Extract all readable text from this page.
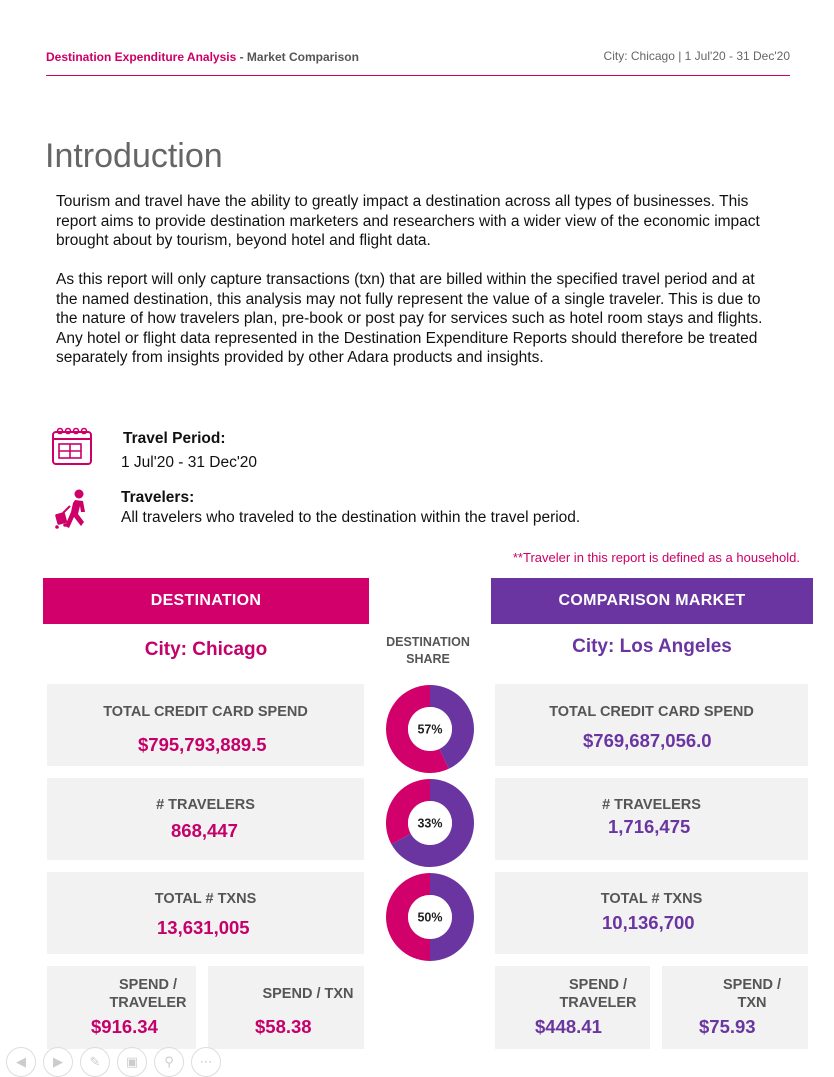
Destination Expenditure Analysis - Market Comparison	City: Chicago | 1 Jul'20 - 31 Dec'20
Introduction

Tourism and travel have the ability to greatly impact a destination across all types of businesses. This report aims to provide destination marketers and researchers with a wider view of the economic impact brought about by tourism, beyond hotel and flight data.

As this report will only capture transactions (txn) that are billed within the specified travel period and at the named destination, this analysis may not fully represent the value of a single traveler. This is due to the nature of how travelers plan, pre-book or post pay for services such as hotel room stays and flights. Any hotel or flight data represented in the Destination Expenditure Reports should therefore be treated separately from insights provided by other Adara products and insights.

Travel Period:
1 Jul'20 - 31 Dec'20
Travelers:
All travelers who traveled to the destination within the travel period.
**Traveler in this report is defined as a household.
DESTINATION	COMPARISON MARKET
City: Chicago	City: Los Angeles
DESTINATION SHARE
TOTAL CREDIT CARD SPEND
$795,793,889.5
# TRAVELERS
868,447
TOTAL # TXNS
13,631,005
SPEND / TRAVELER
$916.34
SPEND / TXN
$58.38
TOTAL CREDIT CARD SPEND
$769,687,056.0
# TRAVELERS
1,716,475
TOTAL # TXNS
10,136,700
SPEND / TRAVELER
$448.41
SPEND / TXN
$75.93
57%
33%
50%
◀ ▶ ✎ ▣ ⚲ ⋯
